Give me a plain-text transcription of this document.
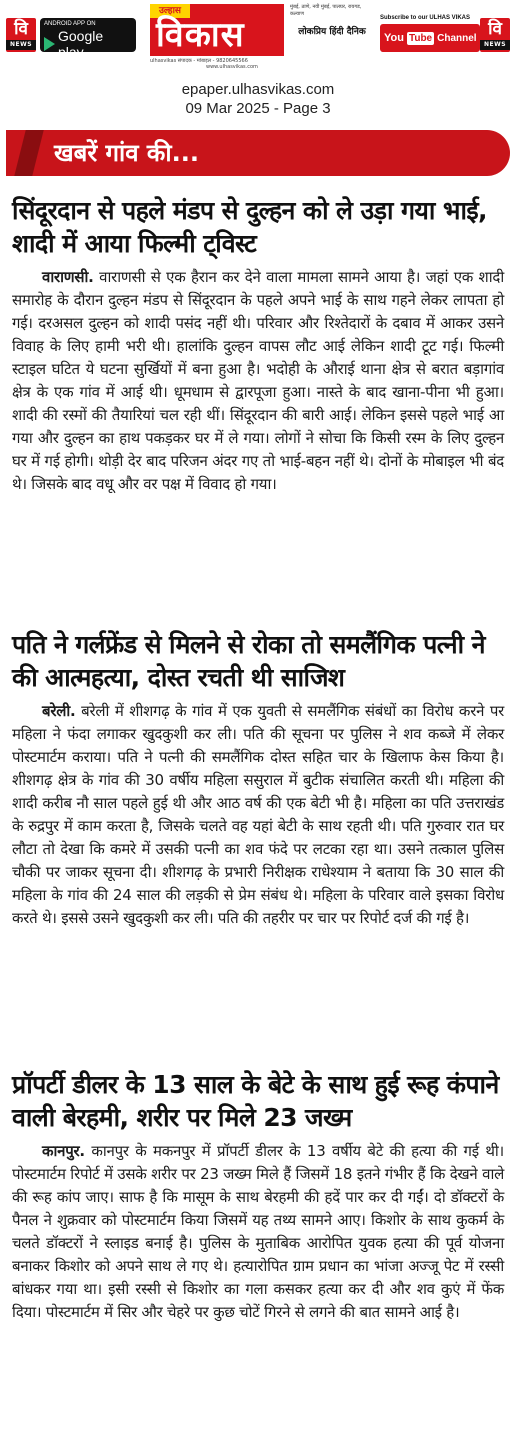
वि
NEWS
ANDROID APP ON
Google play
Install now
उल्हास
विकास
मुंबई, ठाणे, नवी मुंबई, पालघर, रायगड, कल्याण
लोकप्रिय हिंदी दैनिक
ulhasvikas संपादक - मोबाइल - 9820645566
www.ulhasvikas.com
Subscribe to our ULHAS VIKAS
You Tube Channel वि
NEWS
epaper.ulhasvikas.com
09 Mar 2025 - Page 3
खबरें गांव की...
सिंदूरदान से पहले मंडप से दुल्हन को ले उड़ा गया भाई, शादी में आया फिल्मी ट्विस्ट
वाराणसी. वाराणसी से एक हैरान कर देने वाला मामला सामने आया है। जहां एक शादी समारोह के दौरान दुल्हन मंडप से सिंदूरदान के पहले अपने भाई के साथ गहने लेकर लापता हो गई। दरअसल दुल्हन को शादी पसंद नहीं थी। परिवार और रिश्तेदारों के दबाव में आकर उसने विवाह के लिए हामी भरी थी। हालांकि दुल्हन वापस लौट आई लेकिन शादी टूट गई। फिल्मी स्टाइल घटित ये घटना सुर्खियों में बना हुआ है। भदोही के औराई थाना क्षेत्र से बरात बड़ागांव क्षेत्र के एक गांव में आई थी। धूमधाम से द्वारपूजा हुआ। नास्ते के बाद खाना-पीना भी हुआ। शादी की रस्मों की तैयारियां चल रही थीं। सिंदूरदान की बारी आई। लेकिन इससे पहले भाई आ गया और दुल्हन का हाथ पकड़कर घर में ले गया। लोगों ने सोचा कि किसी रस्म के लिए दुल्हन घर में गई होगी। थोड़ी देर बाद परिजन अंदर गए तो भाई-बहन नहीं थे। दोनों के मोबाइल भी बंद थे। जिसके बाद वधू और वर पक्ष में विवाद हो गया।
पति ने गर्लफ्रेंड से मिलने से रोका तो समलैंगिक पत्नी ने की आत्महत्या, दोस्त रचती थी साजिश
बरेली. बरेली में शीशगढ़ के गांव में एक युवती से समलैंगिक संबंधों का विरोध करने पर महिला ने फंदा लगाकर खुदकुशी कर ली। पति की सूचना पर पुलिस ने शव कब्जे में लेकर पोस्टमार्टम कराया। पति ने पत्नी की समलैंगिक दोस्त सहित चार के खिलाफ केस किया है। शीशगढ़ क्षेत्र के गांव की 30 वर्षीय महिला ससुराल में बुटीक संचालित करती थी। महिला की शादी करीब नौ साल पहले हुई थी और आठ वर्ष की एक बेटी भी है। महिला का पति उत्तराखंड के रुद्रपुर में काम करता है, जिसके चलते वह यहां बेटी के साथ रहती थी। पति गुरुवार रात घर लौटा तो देखा कि कमरे में उसकी पत्नी का शव फंदे पर लटका रहा था। उसने तत्काल पुलिस चौकी पर जाकर सूचना दी। शीशगढ़ के प्रभारी निरीक्षक राधेश्याम ने बताया कि 30 साल की महिला के गांव की 24 साल की लड़की से प्रेम संबंध थे। महिला के परिवार वाले इसका विरोध करते थे। इससे उसने खुदकुशी कर ली। पति की तहरीर पर चार पर रिपोर्ट दर्ज की गई है।
प्रॉपर्टी डीलर के 13 साल के बेटे के साथ हुई रूह कंपाने वाली बेरहमी, शरीर पर मिले 23 जख्म
कानपुर. कानपुर के मकनपुर में प्रॉपर्टी डीलर के 13 वर्षीय बेटे की हत्या की गई थी। पोस्टमार्टम रिपोर्ट में उसके शरीर पर 23 जख्म मिले हैं जिसमें 18 इतने गंभीर हैं कि देखने वाले की रूह कांप जाए। साफ है कि मासूम के साथ बेरहमी की हदें पार कर दी गईं। दो डॉक्टरों के पैनल ने शुक्रवार को पोस्टमार्टम किया जिसमें यह तथ्य सामने आए। किशोर के साथ कुकर्म के चलते डॉक्टरों ने स्लाइड बनाई है। पुलिस के मुताबिक आरोपित युवक हत्या की पूर्व योजना बनाकर किशोर को अपने साथ ले गए थे। हत्यारोपित ग्राम प्रधान का भांजा अज्जू पेट में रस्सी बांधकर गया था। इसी रस्सी से किशोर का गला कसकर हत्या कर दी और शव कुएं में फेंक दिया। पोस्टमार्टम में सिर और चेहरे पर कुछ चोटें गिरने से लगने की बात सामने आई है।
